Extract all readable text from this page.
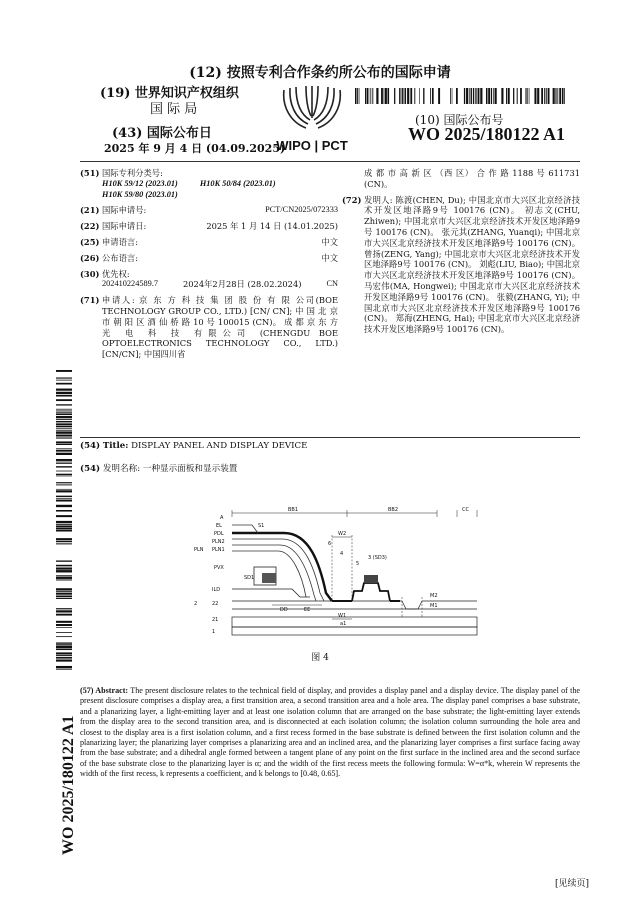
(12) 按照专利合作条约所公布的国际申请
(19) 世界知识产权组织
国 际 局
(43) 国际公布日
2025 年 9 月 4 日 (04.09.2025)
WIPO | PCT
(10) 国际公布号
WO 2025/180122 A1
(51) 国际专利分类号:
H10K 59/12 (2023.01)	H10K 50/84 (2023.01)
H10K 59/80 (2023.01)
(21) 国际申请号:	PCT/CN2025/072333
(22) 国际申请日:	2025 年 1 月 14 日 (14.01.2025)
(25) 申请语言:	中文
(26) 公布语言:	中文
(30) 优先权:
202410224589.7	2024年2月28日 (28.02.2024)	CN
(71) 申请人: 京 东 方 科 技 集 团 股 份 有 限 公司(BOE TECHNOLOGY GROUP CO., LTD.) [CN/ CN]; 中 国 北 京 市 朝 阳 区 酒 仙 桥 路 10 号 100015 (CN)。 成 都 京 东 方 光 电 科 技 有限公司 (CHENGDU BOE OPTOELECTRONICS TECHNOLOGY CO., LTD.) [CN/CN]; 中国四川省
成 都 市 高 新 区 （西 区） 合 作 路 1188 号 611731 (CN)。
(72) 发明人: 陈渡(CHEN, Du); 中国北京市大兴区北京经济技术开发区地泽路9号 100176 (CN)。 初志文(CHU, Zhiwen); 中国北京市大兴区北京经济技术开发区地泽路9号 100176 (CN)。 张元其(ZHANG, Yuanqi); 中国北京市大兴区北京经济技术开发区地泽路9号 100176 (CN)。 曾扬(ZENG, Yang); 中国北京市大兴区北京经济技术开发区地泽路9号 100176 (CN)。 刘彪(LIU, Biao); 中国北京市大兴区北京经济技术开发区地泽路9号 100176 (CN)。 马宏伟(MA, Hongwei); 中国北京市大兴区北京经济技术开发区地泽路9号 100176 (CN)。 张毅(ZHANG, Yi); 中国北京市大兴区北京经济技术开发区地泽路9号 100176 (CN)。 郑海(ZHENG, Hai); 中国北京市大兴区北京经济技术开发区地泽路9号 100176 (CN)。
WO 2025/180122 A1
(54) Title: DISPLAY PANEL AND DISPLAY DEVICE
(54) 发明名称: 一种显示面板和显示装置
A
EL
PDL
PLN2
PLN PLN1
PVX
ILD
2	22
21
1
S1
SD1
DD	EE
BB1	BB2	CC
W2
W1
M2
M1
a1
3 (SD3)
4
5
6
图 4
(57) Abstract: The present disclosure relates to the technical field of display, and provides a display panel and a display device. The display panel of the present disclosure comprises a display area, a first transition area, a second transition area and a hole area. The display panel comprises a base substrate, and a planarizing layer, a light-emitting layer and at least one isolation column that are arranged on the base substrate; the light-emitting layer extends from the display area to the second transition area, and is disconnected at each isolation column; the isolation column surrounding the hole area and closest to the display area is a first isolation column, and a first recess formed in the base substrate is defined between the first isolation column and the planarizing layer; the planarizing layer comprises a planarizing area and an inclined area, and the planarizing layer comprises a first surface facing away from the base substrate; and a dihedral angle formed between a tangent plane of any point on the first surface in the inclined area and the second surface of the base substrate close to the planarizing layer is α; and the width of the first recess meets the following formula: W=α*k, wherein W represents the width of the first recess, k represents a coefficient, and k belongs to [0.48, 0.65].
[见续页]
